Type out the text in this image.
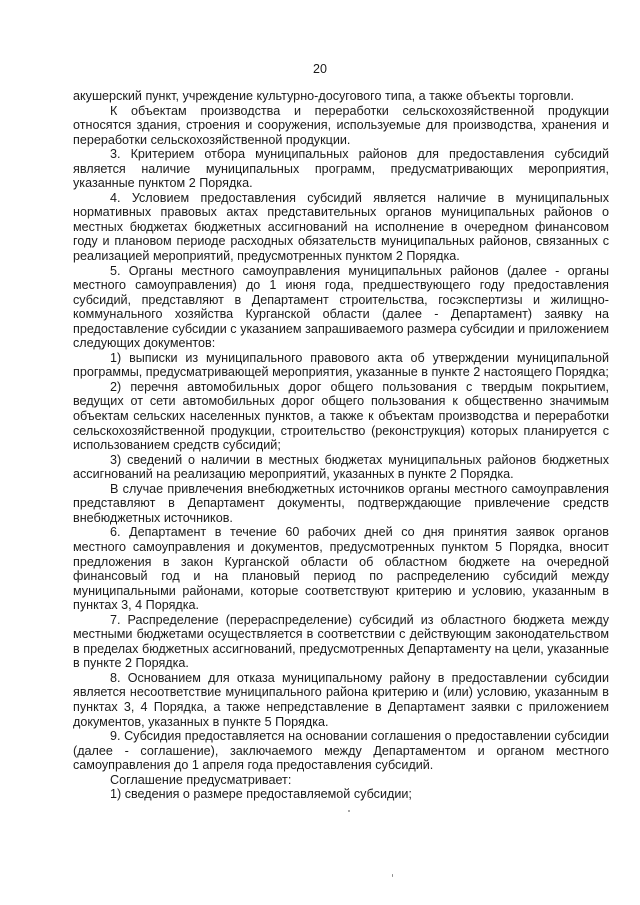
20

акушерский пункт, учреждение культурно-досугового типа, а также объекты торговли.

К объектам производства и переработки сельскохозяйственной продукции относятся здания, строения и сооружения, используемые для производства, хранения и переработки сельскохозяйственной продукции.

3. Критерием отбора муниципальных районов для предоставления субсидий является наличие муниципальных программ, предусматривающих мероприятия, указанные пунктом 2 Порядка.

4. Условием предоставления субсидий является наличие в муниципальных нормативных правовых актах представительных органов муниципальных районов о местных бюджетах бюджетных ассигнований на исполнение в очередном финансовом году и плановом периоде расходных обязательств муниципальных районов, связанных с реализацией мероприятий, предусмотренных пунктом 2 Порядка.

5. Органы местного самоуправления муниципальных районов (далее - органы местного самоуправления) до 1 июня года, предшествующего году предоставления субсидий, представляют в Департамент строительства, госэкспертизы и жилищно-коммунального хозяйства Курганской области (далее - Департамент) заявку на предоставление субсидии с указанием запрашиваемого размера субсидии и приложением следующих документов:

1) выписки из муниципального правового акта об утверждении муниципальной программы, предусматривающей мероприятия, указанные в пункте 2 настоящего Порядка;

2) перечня автомобильных дорог общего пользования с твердым покрытием, ведущих от сети автомобильных дорог общего пользования к общественно значимым объектам сельских населенных пунктов, а также к объектам производства и переработки сельскохозяйственной продукции, строительство (реконструкция) которых планируется с использованием средств субсидий;

3) сведений о наличии в местных бюджетах муниципальных районов бюджетных ассигнований на реализацию мероприятий, указанных в пункте 2 Порядка.

В случае привлечения внебюджетных источников органы местного самоуправления представляют в Департамент документы, подтверждающие привлечение средств внебюджетных источников.

6. Департамент в течение 60 рабочих дней со дня принятия заявок органов местного самоуправления и документов, предусмотренных пунктом 5 Порядка, вносит предложения в закон Курганской области об областном бюджете на очередной финансовый год и на плановый период по распределению субсидий между муниципальными районами, которые соответствуют критерию и условию, указанным в пунктах 3, 4 Порядка.

7. Распределение (перераспределение) субсидий из областного бюджета между местными бюджетами осуществляется в соответствии с действующим законодательством в пределах бюджетных ассигнований, предусмотренных Департаменту на цели, указанные в пункте 2 Порядка.

8. Основанием для отказа муниципальному району в предоставлении субсидии является несоответствие муниципального района критерию и (или) условию, указанным в пунктах 3, 4 Порядка, а также непредставление в Департамент заявки с приложением документов, указанных в пункте 5 Порядка.

9. Субсидия предоставляется на основании соглашения о предоставлении субсидии (далее - соглашение), заключаемого между Департаментом и органом местного самоуправления до 1 апреля года предоставления субсидий.

Соглашение предусматривает:

1) сведения о размере предоставляемой субсидии;
